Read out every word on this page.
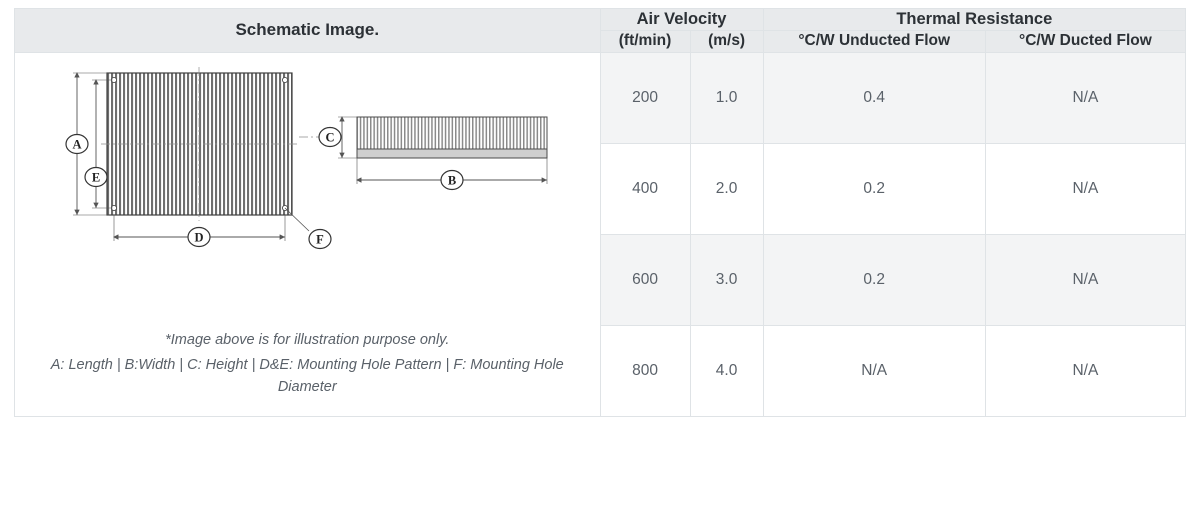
Schematic Image.	Air Velocity		Thermal Resistance	
	(ft/min)	(m/s)	°C/W Unducted Flow	°C/W Ducted Flow

A
E
C
B
D	F
*Image above is for illustration purpose only.
A: Length | B:Width | C: Height | D&E: Mounting Hole Pattern | F: Mounting Hole Diameter
	200	1.0	0.4	N/A
	400	2.0	0.2	N/A
	600	3.0	0.2	N/A
	800	4.0	N/A	N/A
